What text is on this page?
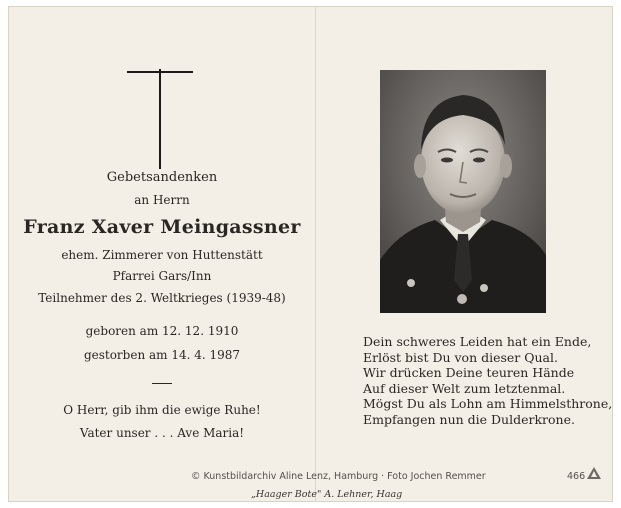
Gebetsandenken
an Herrn
Franz Xaver Meingassner
ehem. Zimmerer von Huttenstätt
Pfarrei Gars/Inn
Teilnehmer des 2. Weltkrieges (1939-48)
geboren am 12. 12. 1910
gestorben am 14. 4. 1987
O Herr, gib ihm die ewige Ruhe!
Vater unser . . . Ave Maria!
Dein schweres Leiden hat ein Ende,
Erlöst bist Du von dieser Qual.
Wir drücken Deine teuren Hände
Auf dieser Welt zum letztenmal.
Mögst Du als Lohn am Himmelsthrone,
Empfangen nun die Dulderkrone.
© Kunstbildarchiv Aline Lenz, Hamburg · Foto Jochen Remmer	466
„Haager Bote" A. Lehner, Haag
